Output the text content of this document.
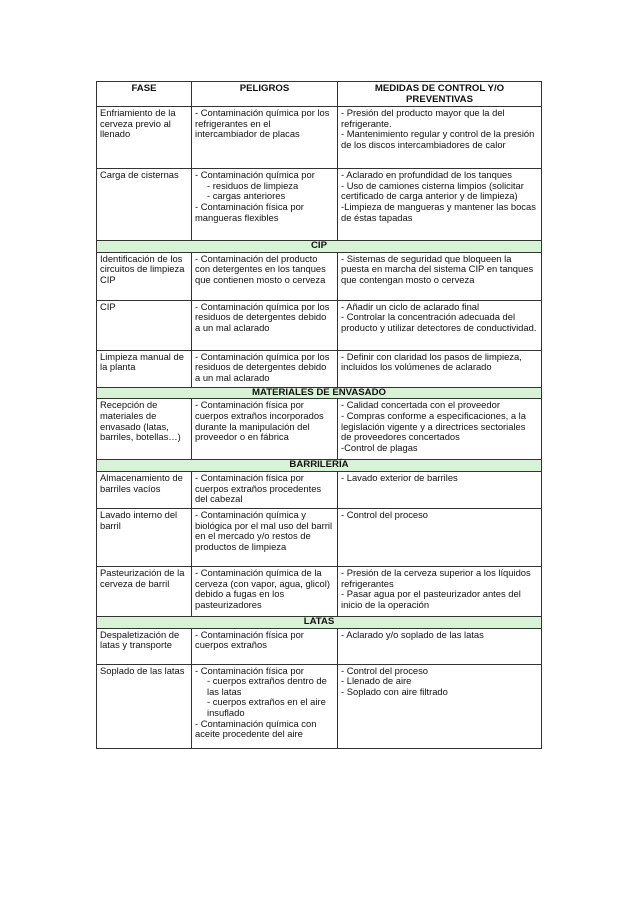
FASE	PELIGROS	MEDIDAS DE CONTROL Y/O PREVENTIVAS
Enfriamiento de la cerveza previo al llenado	- Contaminación química por los refrigerantes en el intercambiador de placas	- Presión del producto mayor que la del refrigerante.
- Mantenimiento regular y control de la presión de los discos intercambiadores de calor

Carga de cisternas	- Contaminación química por
- residuos de limpieza
- cargas anteriores
- Contaminación física por mangueras flexibles	- Aclarado en profundidad de los tanques
- Uso de camiones cisterna limpios (solicitar certificado de carga anterior y de limpieza)
-Limpieza de mangueras y mantener las bocas de éstas tapadas

CIP		
Identificación de los circuitos de limpieza CIP	- Contaminación del producto con detergentes en los tanques que contienen mosto o cerveza	- Sistemas de seguridad que bloqueen la puesta en marcha del sistema CIP en tanques que contengan mosto o cerveza

CIP	- Contaminación química por los residuos de detergentes debido a un mal aclarado	- Añadir un ciclo de aclarado final
- Controlar la concentración adecuada del producto y utilizar detectores de conductividad.

Limpieza manual de la planta	- Contaminación química por los residuos de detergentes debido a un mal aclarado	- Definir con claridad los pasos de limpieza, incluidos los volúmenes de aclarado

MATERIALES DE ENVASADO		
Recepción de materiales de envasado (latas, barriles, botellas…)	- Contaminación física por cuerpos extraños incorporados durante la manipulación del proveedor o en fábrica	- Calidad concertada con el proveedor
- Compras conforme a especificaciones, a la legislación vigente y a directrices sectoriales de proveedores concertados
-Control de plagas

BARRILERÍA		
Almacenamiento de barriles vacíos	- Contaminación física por cuerpos extraños procedentes del cabezal	- Lavado exterior de barriles

Lavado interno del barril	- Contaminación química y biológica por el mal uso del barril en el mercado y/o restos de productos de limpieza	- Control del proceso

Pasteurización de la cerveza de barril	- Contaminación química de la cerveza (con vapor, agua, glicol) debido a fugas en los pasteurizadores	- Presión de la cerveza superior a los líquidos refrigerantes
- Pasar agua por el pasteurizador antes del inicio de la operación

LATAS		
Despaletización de latas y transporte	- Contaminación física por cuerpos extraños	- Aclarado y/o soplado de las latas

Soplado de las latas	- Contaminación física por
- cuerpos extraños dentro de las latas
- cuerpos extraños en el aire insuflado
- Contaminación química con aceite procedente del aire	- Control del proceso
- Llenado de aire
- Soplado con aire filtrado
